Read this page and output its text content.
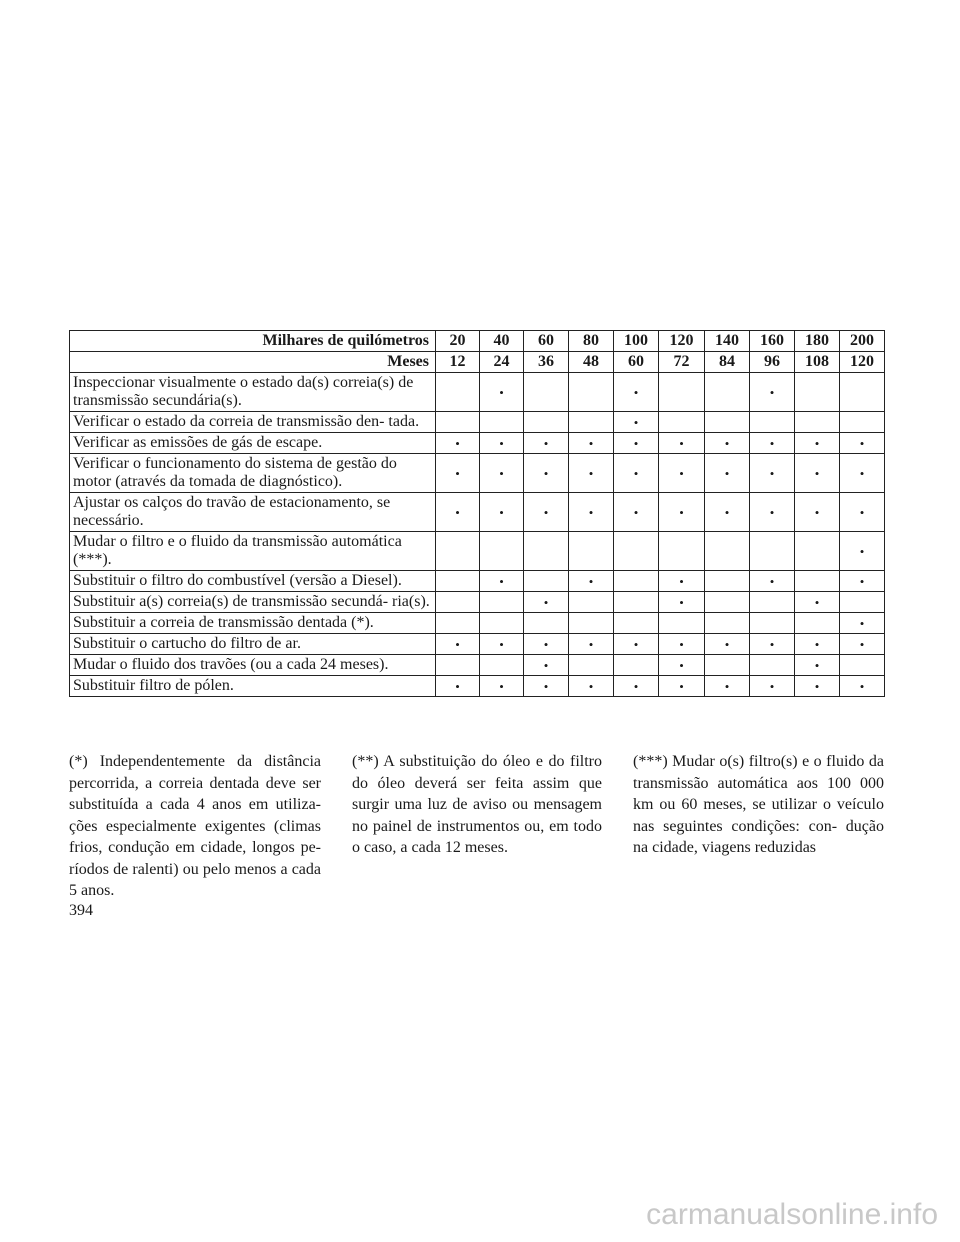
Milhares de quilómetros	20	40	60	80	100	120	140	160	180	200
Meses	12	24	36	48	60	72	84	96	108	120
Inspeccionar visualmente o estado da(s) correia(s) de transmissão secundária(s).		•			•			•		
Verificar o estado da correia de transmissão den- tada.					•					
Verificar as emissões de gás de escape.	•	•	•	•	•	•	•	•	•	•
Verificar o funcionamento do sistema de gestão do motor (através da tomada de diagnóstico).	•	•	•	•	•	•	•	•	•	•
Ajustar os calços do travão de estacionamento, se necessário.	•	•	•	•	•	•	•	•	•	•
Mudar o filtro e o fluido da transmissão automática (***).										•
Substituir o filtro do combustível (versão a Diesel).		•		•		•		•		•
Substituir a(s) correia(s) de transmissão secundá- ria(s).			•			•			•	
Substituir a correia de transmissão dentada (*).										•
Substituir o cartucho do filtro de ar.	•	•	•	•	•	•	•	•	•	•
Mudar o fluido dos travões (ou a cada 24 meses).			•			•			•	
Substituir filtro de pólen.	•	•	•	•	•	•	•	•	•	•

(*) Independentemente da distância percorrida, a correia dentada deve ser substituída a cada 4 anos em utiliza- ções especialmente exigentes (climas frios, condução em cidade, longos pe- ríodos de ralenti) ou pelo menos a cada 5 anos.

(**) A substituição do óleo e do filtro do óleo deverá ser feita assim que surgir uma luz de aviso ou mensagem no painel de instrumentos ou, em todo o caso, a cada 12 meses.

(***) Mudar o(s) filtro(s) e o fluido da transmissão automática aos 100 000 km ou 60 meses, se utilizar o veículo nas seguintes condições: con- dução na cidade, viagens reduzidas

394
carmanualsonline.info
